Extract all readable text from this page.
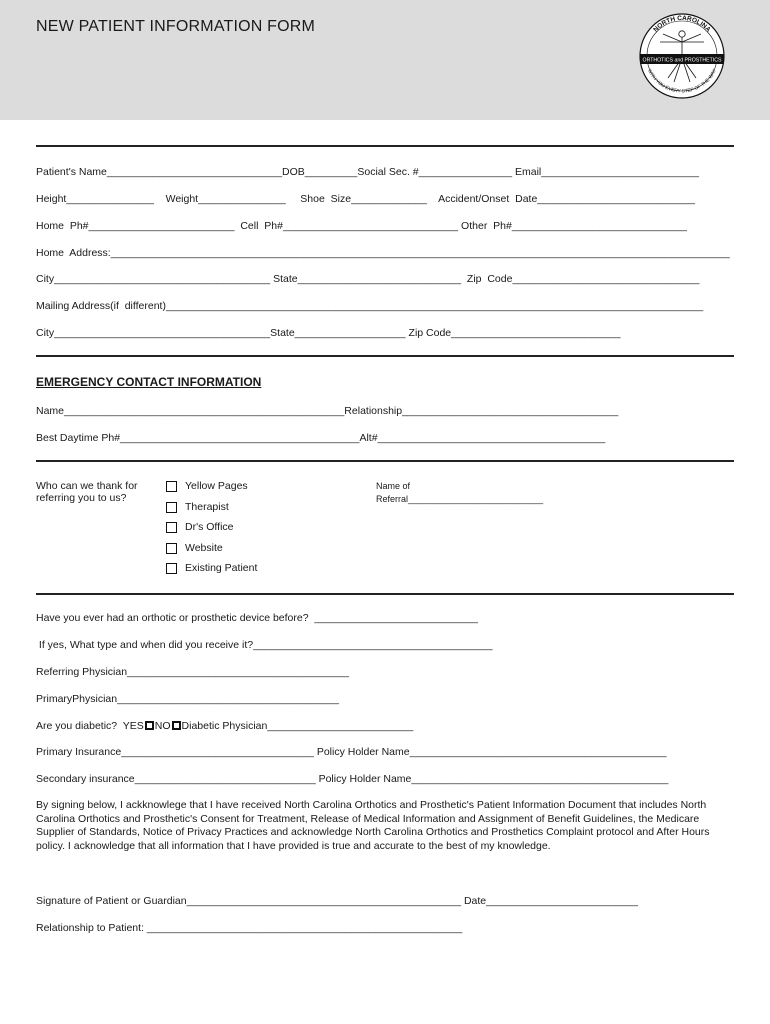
NEW PATIENT INFORMATION FORM	NORTH CAROLINA
WITH YOU EVERY STEP OF THE WAY
ORTHOTICS and PROSTHETICS
Patient's Name______________________________DOB_________Social Sec. #________________ Email___________________________
Height_______________    Weight_______________     Shoe  Size_____________    Accident/Onset  Date___________________________
Home  Ph#_________________________  Cell  Ph#______________________________ Other  Ph#______________________________
Home  Address:__________________________________________________________________________________________________________
City_____________________________________ State____________________________  Zip  Code________________________________
Mailing Address(if  different)____________________________________________________________________________________________
City_____________________________________State___________________ Zip Code_____________________________
EMERGENCY CONTACT INFORMATION
Name________________________________________________Relationship_____________________________________
Best Daytime Ph#_________________________________________Alt#_______________________________________
Who can we thank for
referring you to us?
Yellow Pages
Therapist
Dr's Office
Website
Existing Patient
Name of
Referral___________________________
Have you ever had an orthotic or prosthetic device before?  ____________________________
If yes, What type and when did you receive it?_________________________________________
Referring Physician______________________________________
PrimaryPhysician______________________________________
Are you diabetic?  YES NO Diabetic Physician_________________________
Primary Insurance_________________________________ Policy Holder Name____________________________________________
Secondary insurance_______________________________ Policy Holder Name____________________________________________
By signing below, I ackknowlege that I have received North Carolina Orthotics and Prosthetic's Patient Information Document that includes North Carolina Orthotics and Prosthetic's Consent for Treatment, Release of Medical Information and Assignment of Benefit Guidelines, the Medicare Supplier of Standards, Notice of Privacy Practices and acknowledge North Carolina Orthotics and Prosthetics Complaint protocol and After Hours policy. I acknowledge that all information that I have provided is true and accurate to the best of my knowledge.
Signature of Patient or Guardian_______________________________________________ Date__________________________
Relationship to Patient: ______________________________________________________
